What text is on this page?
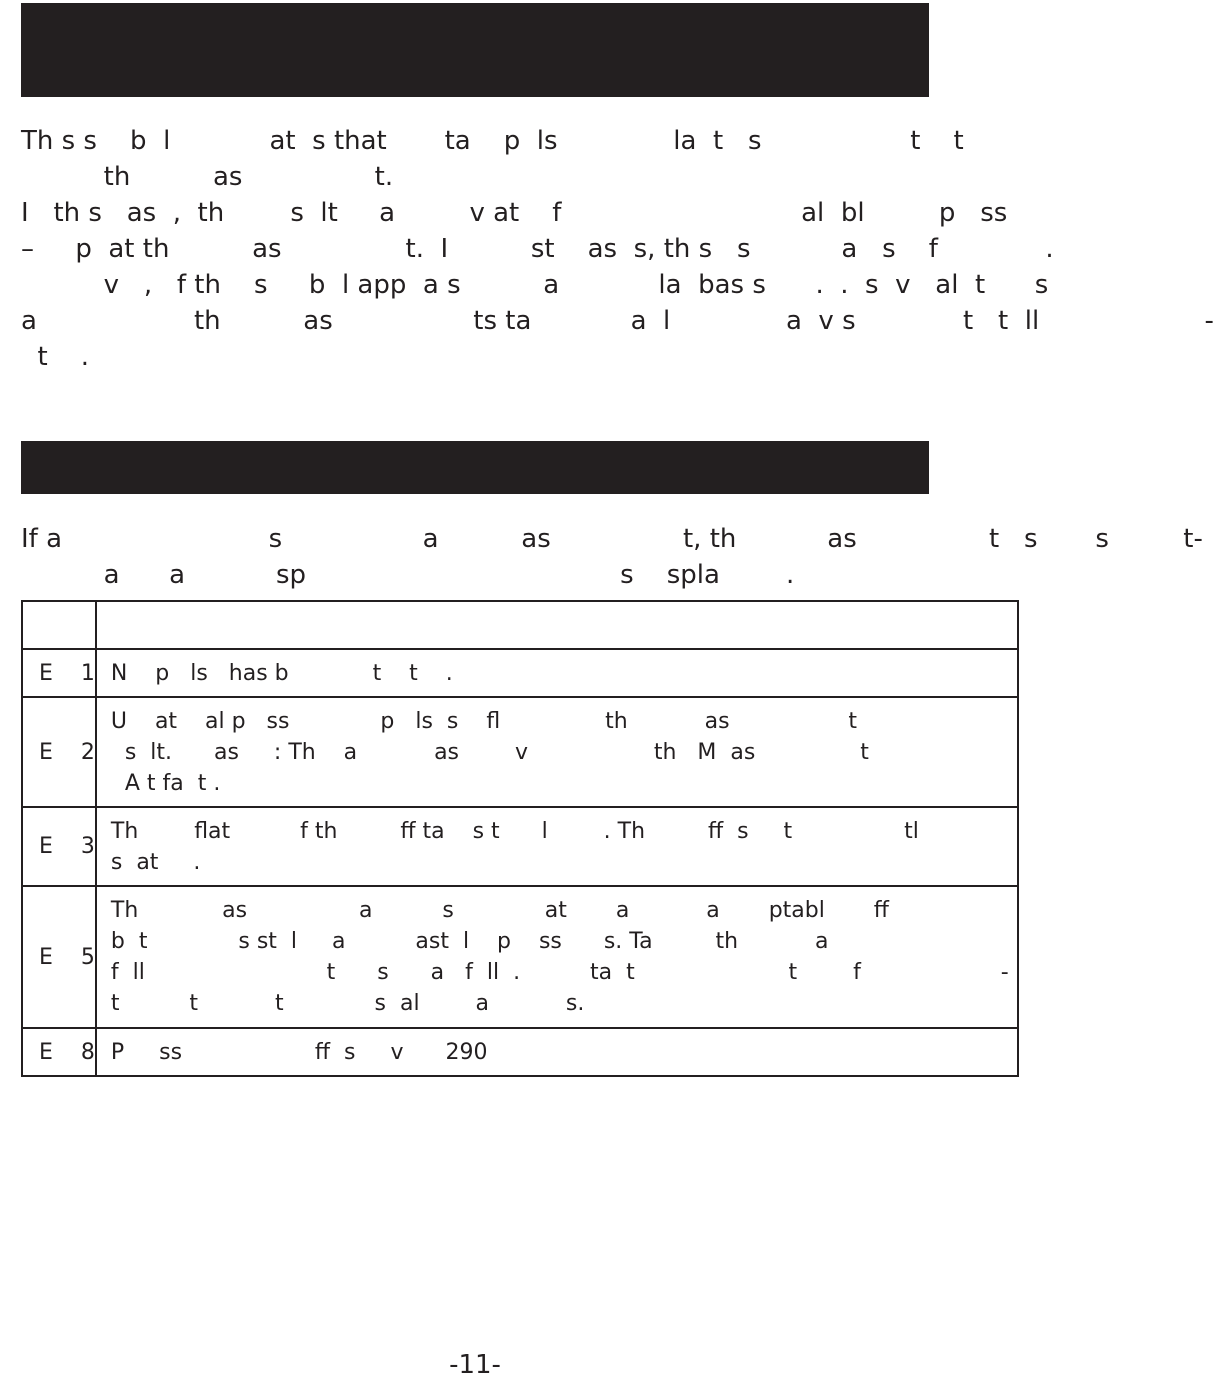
Th s s    b  l            at  s that       ta    p  ls              la  t   s                  t    t
th          as                t.
I   th s   as  ,  th        s  lt     a         v at    f                             al  bl         p   ss
–     p  at th          as               t.  I          st    as  s, th s   s           a   s    f             .
v   ,   f th    s     b  l app  a s          a            la  bas s      .  .  s  v   al  t      s
a                   th          as                 ts ta            a  l              a  v s             t   t  ll                    -
t    .
If a                         s                 a          as                t, th           as                t   s       s         t-
a      a           sp                                      s    spla        .

E    1	N    p   ls   has b            t    t    .

E    2	U    at    al p   ss             p   ls  s    fl               th           as                 t
s  lt.      as     : Th    a           as        v                  th   M  as               t
A t fa  t .

E    3	Th        flat          f th         ff ta    s t      l        . Th         ff  s     t                tl
s  at     .

E    5	Th            as                a          s             at       a           a       ptabl       ff
b  t             s st  l     a          ast  l    p    ss      s. Ta         th           a
f  ll                          t      s      a   f  ll  .          ta  t                      t        f                    -
t          t           t             s  al        a           s.

E    8	P     ss                   ff  s     v      290
-11-
